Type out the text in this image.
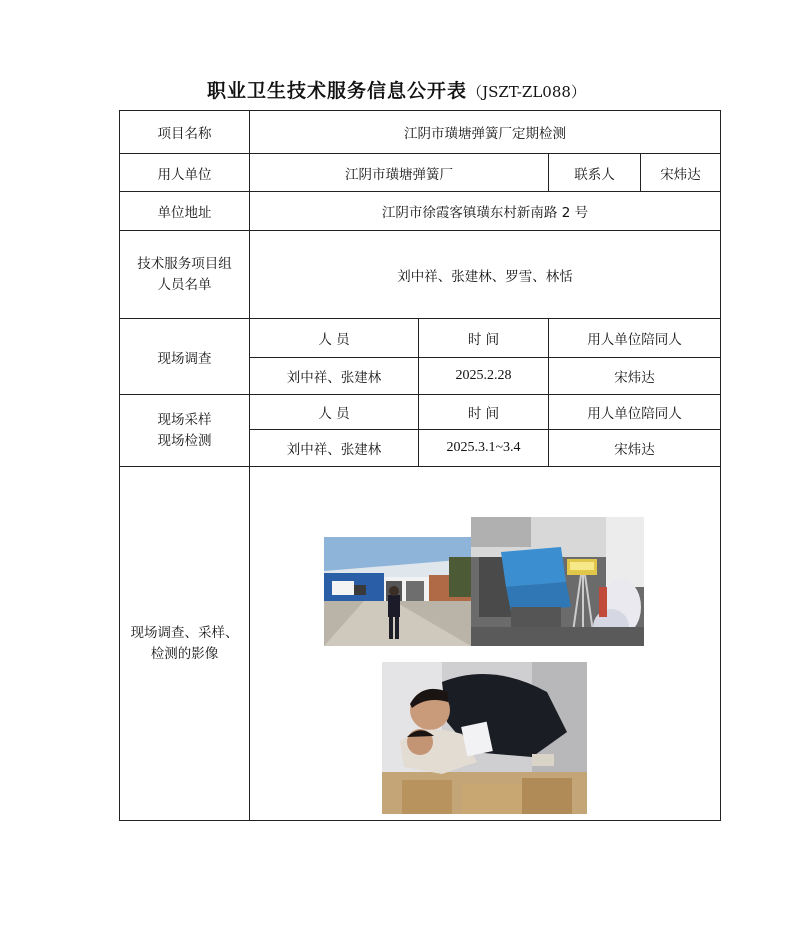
职业卫生技术服务信息公开表（JSZT-ZL088）
项目名称	江阴市璜塘弹簧厂定期检测			
用人单位	江阴市璜塘弹簧厂		联系人	宋炜达
单位地址	江阴市徐霞客镇璜东村新南路 2 号			
技术服务项目组
人员名单	刘中祥、张建林、罗雪、林恬			
现场调查	人 员	时 间	用人单位陪同人	
	刘中祥、张建林	2025.2.28	宋炜达	
现场采样
现场检测	人 员	时 间	用人单位陪同人	
	刘中祥、张建林	2025.3.1~3.4	宋炜达	
现场调查、采样、
检测的影像	
